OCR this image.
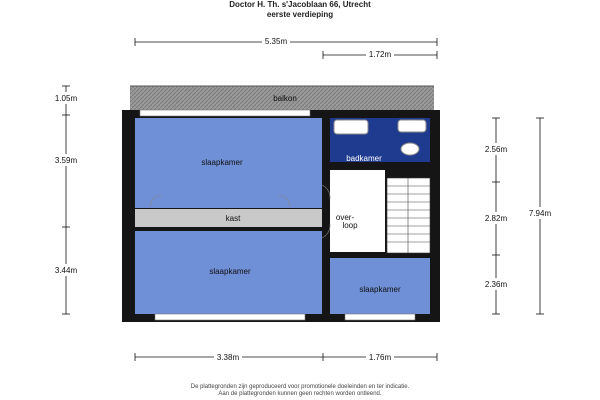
Doctor H. Th. s'Jacoblaan 66, Utrecht
eerste verdieping
balkon
slaapkamer
kast
slaapkamer
badkamer
over-
loop
slaapkamer
5.35m
1.72m
1.05m
3.59m
3.44m
2.56m
2.82m
2.36m
7.94m
3.38m	1.76m
De plattegronden zijn geproduceerd voor promotionele doeleinden en ter indicatie.
Aan de plattegronden kunnen geen rechten worden ontleend.
